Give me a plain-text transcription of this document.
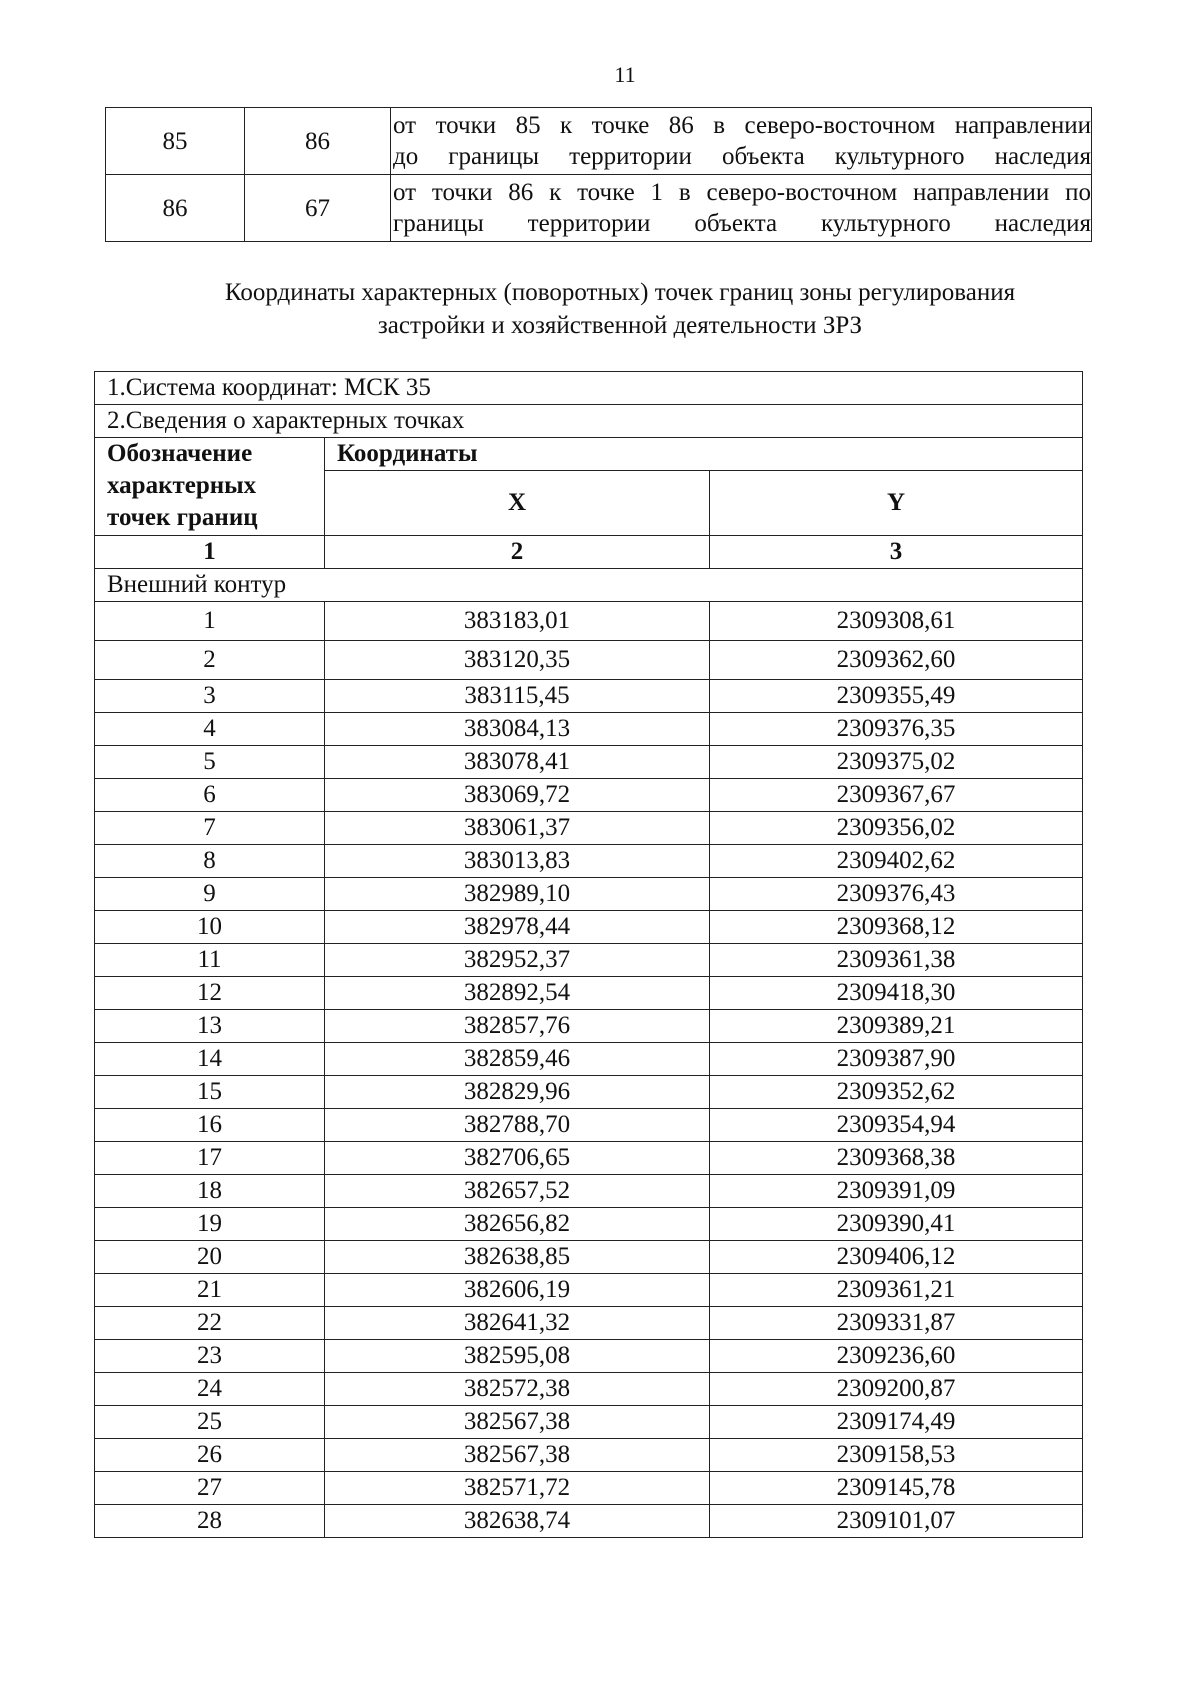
11
85	86	от точки 85 к точке 86 в северо-восточном направлении
до границы территории объекта культурного наследия

86	67	от точки 86 к точке 1 в северо-восточном направлении по
границы территории объекта культурного наследия
Координаты характерных (поворотных) точек границ зоны регулирования
застройки и хозяйственной деятельности ЗРЗ
1.Система координат: МСК 35		
2.Сведения о характерных точках		

Обозначение
характерных
точек границ	Координаты	
	X	Y
1	2	3
Внешний контур		
1	383183,01	2309308,61
2	383120,35	2309362,60
3	383115,45	2309355,49
4	383084,13	2309376,35
5	383078,41	2309375,02
6	383069,72	2309367,67
7	383061,37	2309356,02
8	383013,83	2309402,62
9	382989,10	2309376,43
10	382978,44	2309368,12
11	382952,37	2309361,38
12	382892,54	2309418,30
13	382857,76	2309389,21
14	382859,46	2309387,90
15	382829,96	2309352,62
16	382788,70	2309354,94
17	382706,65	2309368,38
18	382657,52	2309391,09
19	382656,82	2309390,41
20	382638,85	2309406,12
21	382606,19	2309361,21
22	382641,32	2309331,87
23	382595,08	2309236,60
24	382572,38	2309200,87
25	382567,38	2309174,49
26	382567,38	2309158,53
27	382571,72	2309145,78
28	382638,74	2309101,07
